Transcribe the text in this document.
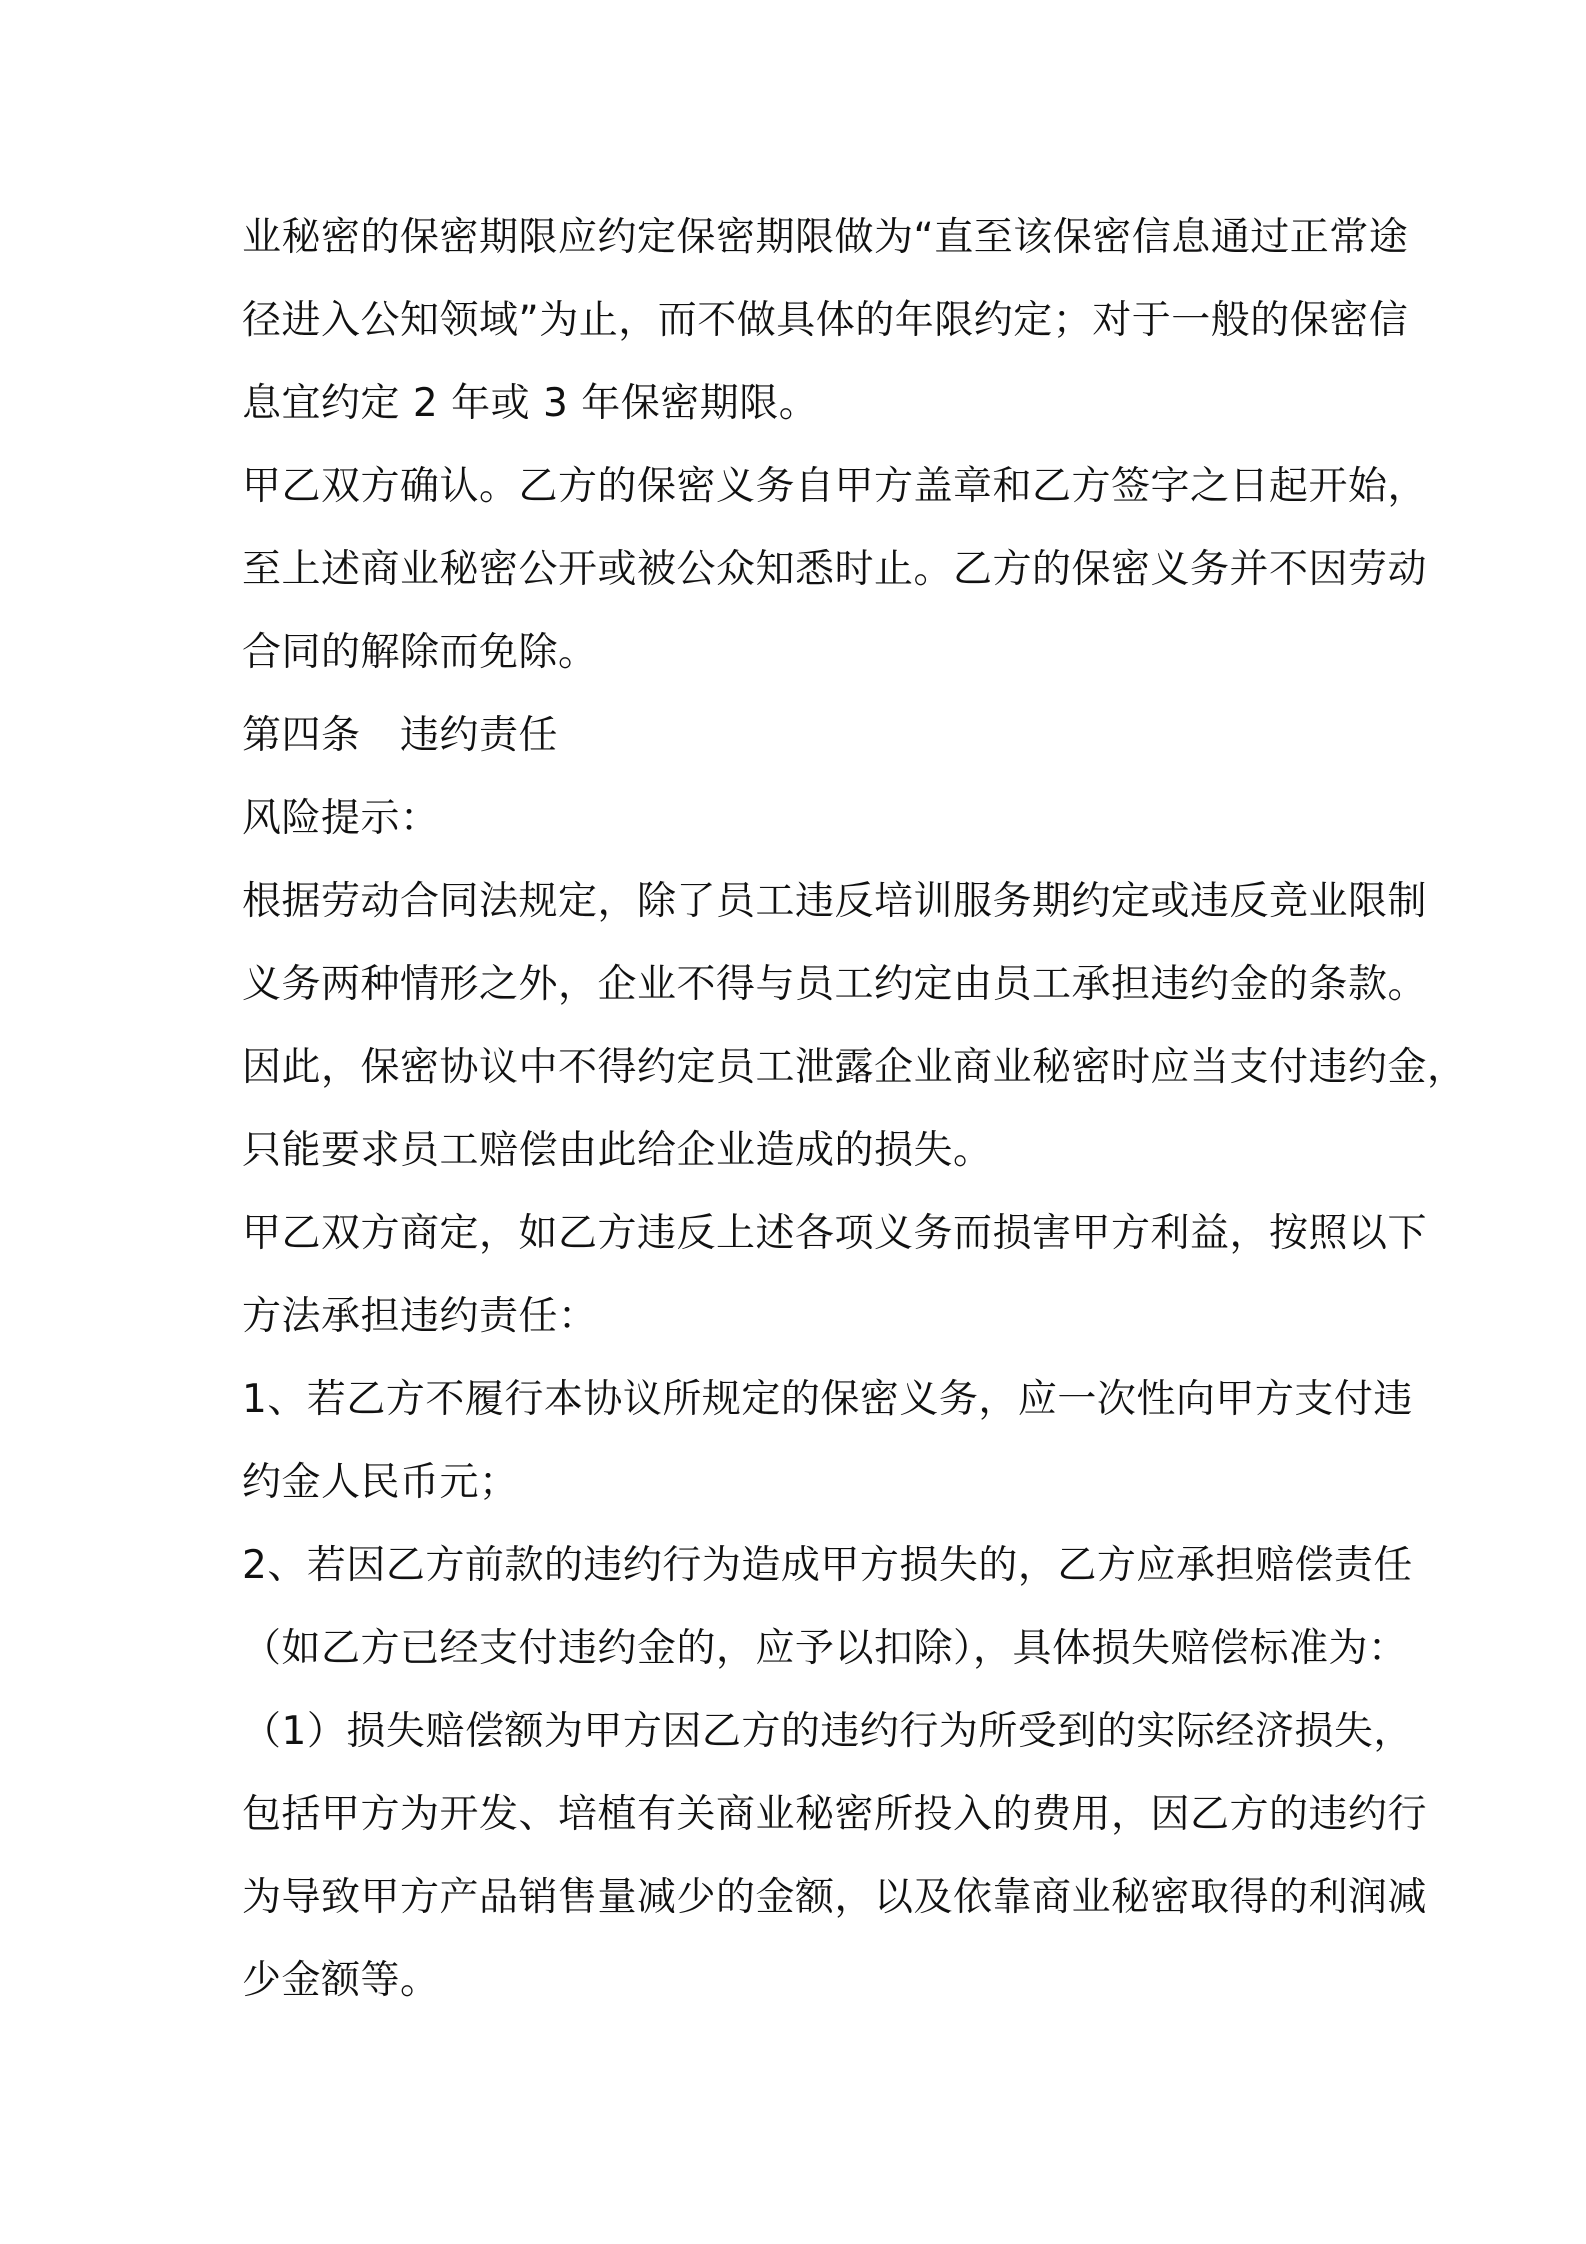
业秘密的保密期限应约定保密期限做为“直至该保密信息通过正常途
径进入公知领域”为止，而不做具体的年限约定；对于一般的保密信
息宜约定 2 年或 3 年保密期限。
甲乙双方确认。乙方的保密义务自甲方盖章和乙方签字之日起开始，
至上述商业秘密公开或被公众知悉时止。乙方的保密义务并不因劳动
合同的解除而免除。
第四条　违约责任
风险提示：
根据劳动合同法规定，除了员工违反培训服务期约定或违反竞业限制
义务两种情形之外，企业不得与员工约定由员工承担违约金的条款。
因此，保密协议中不得约定员工泄露企业商业秘密时应当支付违约金，
只能要求员工赔偿由此给企业造成的损失。
甲乙双方商定，如乙方违反上述各项义务而损害甲方利益，按照以下
方法承担违约责任：
1、若乙方不履行本协议所规定的保密义务，应一次性向甲方支付违
约金人民币元；
2、若因乙方前款的违约行为造成甲方损失的，乙方应承担赔偿责任
（如乙方已经支付违约金的，应予以扣除），具体损失赔偿标准为：
（1）损失赔偿额为甲方因乙方的违约行为所受到的实际经济损失，
包括甲方为开发、培植有关商业秘密所投入的费用，因乙方的违约行
为导致甲方产品销售量减少的金额，以及依靠商业秘密取得的利润减
少金额等。
